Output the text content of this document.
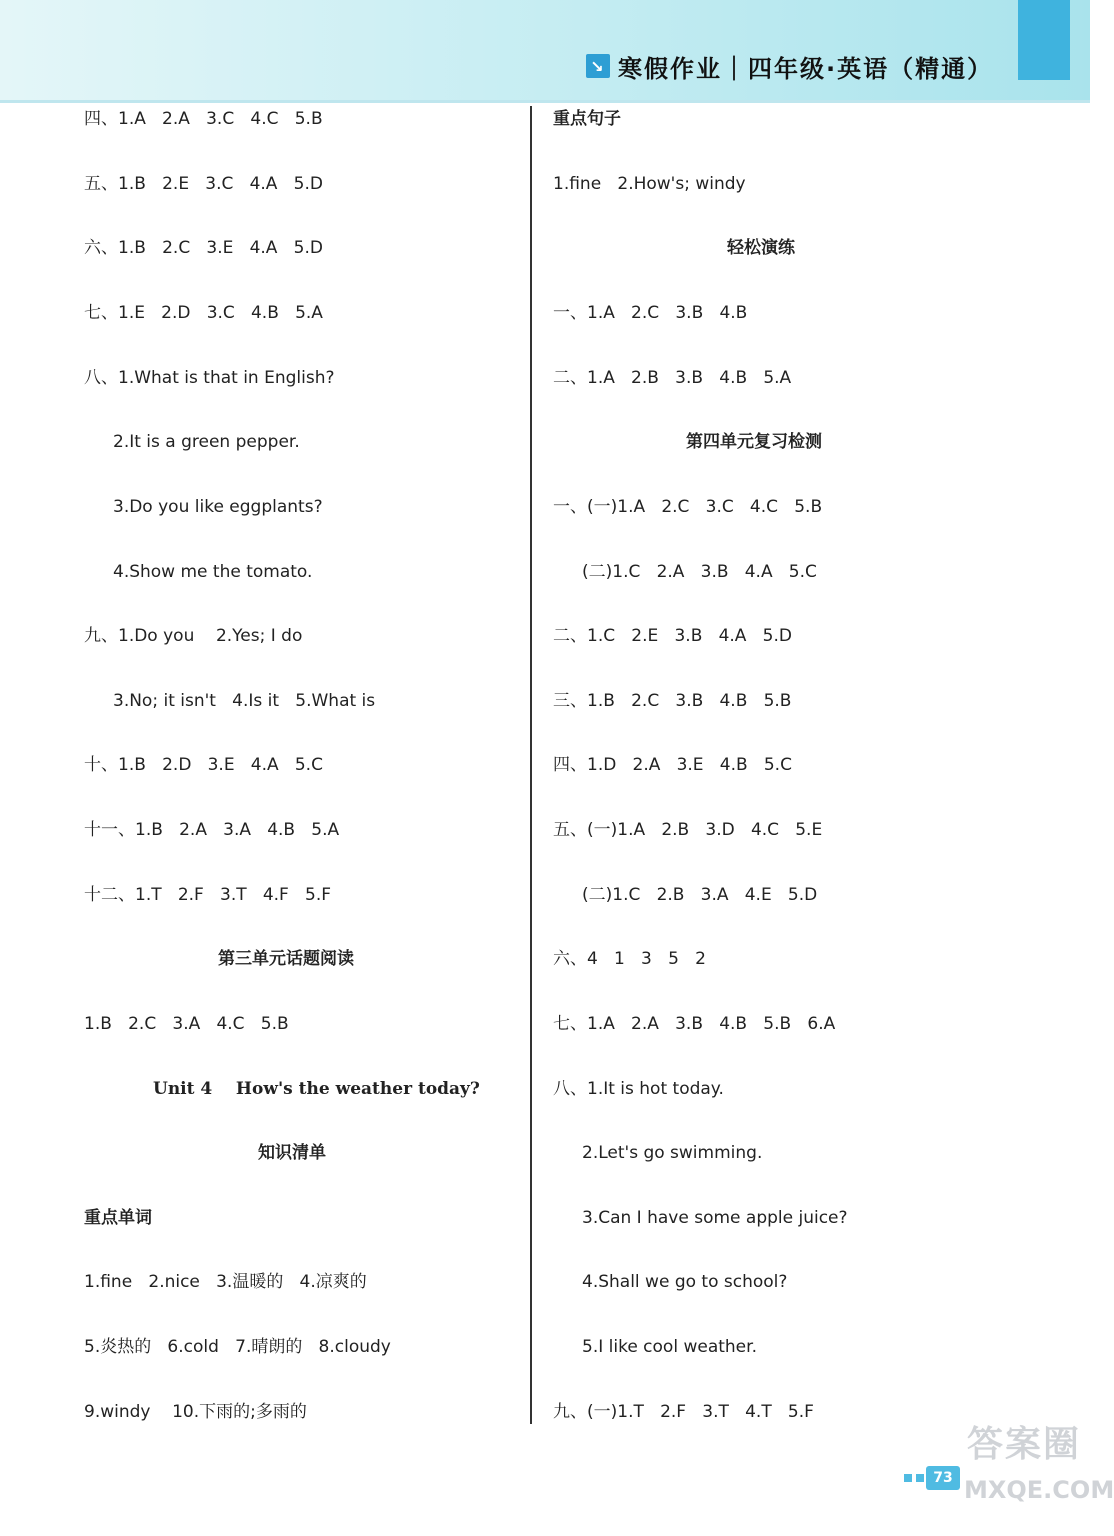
↘ 寒假作业｜四年级·英语（精通）
四、1.A   2.A   3.C   4.C   5.B
五、1.B   2.E   3.C   4.A   5.D
六、1.B   2.C   3.E   4.A   5.D
七、1.E   2.D   3.C   4.B   5.A
八、1.What is that in English?
2.It is a green pepper.
3.Do you like eggplants?
4.Show me the tomato.
九、1.Do you    2.Yes; I do
3.No; it isn't   4.Is it   5.What is
十、1.B   2.D   3.E   4.A   5.C
十一、1.B   2.A   3.A   4.B   5.A
十二、1.T   2.F   3.T   4.F   5.F
第三单元话题阅读
1.B   2.C   3.A   4.C   5.B
Unit 4    How's the weather today?
知识清单
重点单词
1.fine   2.nice   3.温暖的   4.凉爽的
5.炎热的   6.cold   7.晴朗的   8.cloudy
9.windy    10.下雨的;多雨的
重点句子
1.fine   2.How's; windy
轻松演练
一、1.A   2.C   3.B   4.B
二、1.A   2.B   3.B   4.B   5.A
第四单元复习检测
一、(一)1.A   2.C   3.C   4.C   5.B
(二)1.C   2.A   3.B   4.A   5.C
二、1.C   2.E   3.B   4.A   5.D
三、1.B   2.C   3.B   4.B   5.B
四、1.D   2.A   3.E   4.B   5.C
五、(一)1.A   2.B   3.D   4.C   5.E
(二)1.C   2.B   3.A   4.E   5.D
六、4   1   3   5   2
七、1.A   2.A   3.B   4.B   5.B   6.A
八、1.It is hot today.
2.Let's go swimming.
3.Can I have some apple juice?
4.Shall we go to school?
5.I like cool weather.
九、(一)1.T   2.F   3.T   4.T   5.F
73
答案圈
MXQE.COM
